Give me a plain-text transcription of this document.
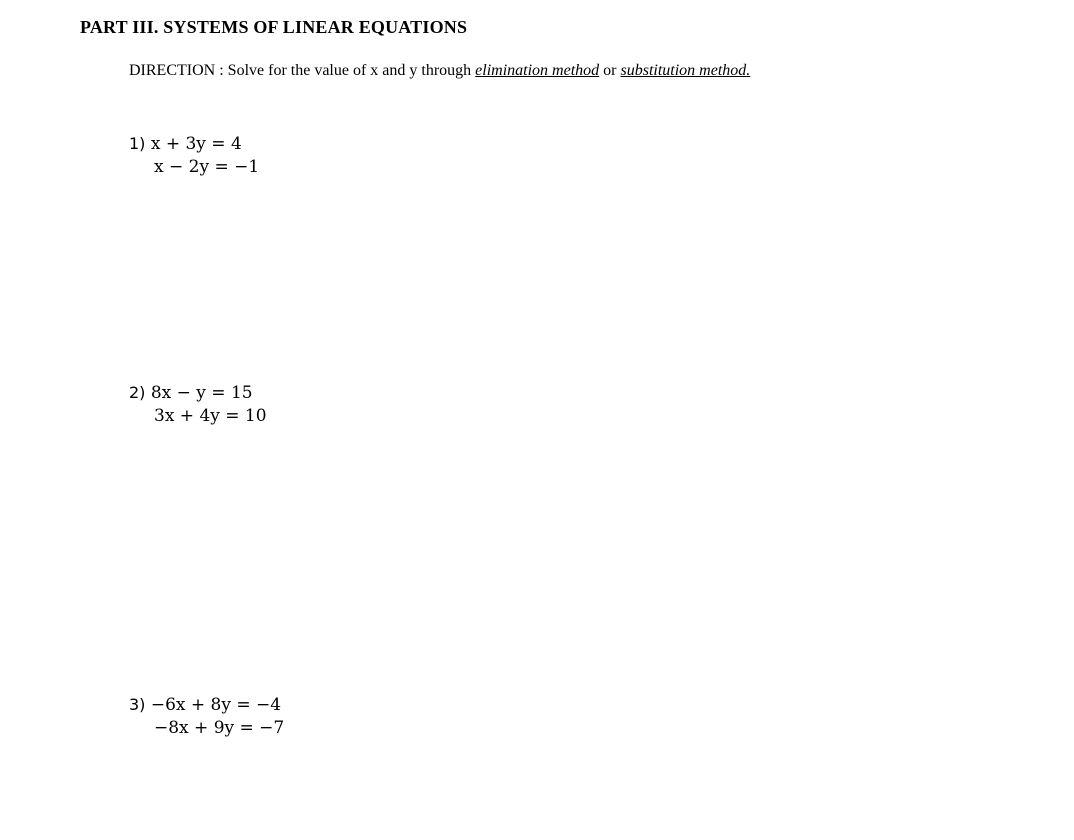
PART III. SYSTEMS OF LINEAR EQUATIONS
DIRECTION : Solve for the value of x and y through elimination method or substitution method.
1) x + 3y = 4
x − 2y = −1
2) 8x − y = 15
3x + 4y = 10
3) −6x + 8y = −4
−8x + 9y = −7
